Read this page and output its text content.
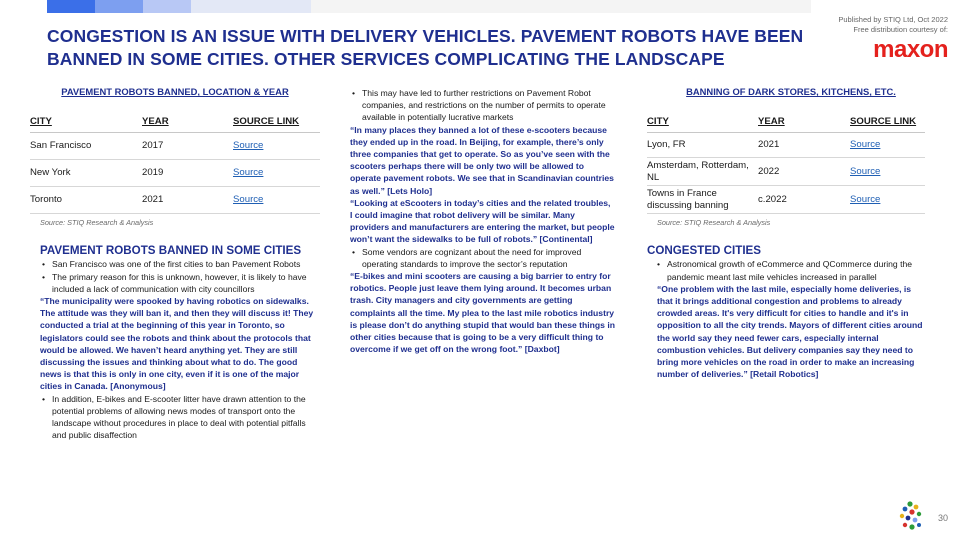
CONGESTION IS AN ISSUE WITH DELIVERY VEHICLES. PAVEMENT ROBOTS HAVE BEEN
BANNED IN SOME CITIES. OTHER SERVICES COMPLICATING THE LANDSCAPE
Published by STIQ Ltd, Oct 2022
Free distribution courtesy of:
maxon
PAVEMENT ROBOTS BANNED, LOCATION & YEAR
CITY	YEAR	SOURCE LINK
San Francisco	2017	Source
New York	2019	Source
Toronto	2021	Source
Source: STIQ Research & Analysis
PAVEMENT ROBOTS BANNED IN SOME CITIES
• San Francisco was one of the first cities to ban Pavement Robots
• The primary reason for this is unknown, however, it is likely to have included a lack of communication with city councillors
“The municipality were spooked by having robotics on sidewalks. The attitude was they will ban it, and then they will discuss it! They conducted a trial at the beginning of this year in Toronto, so legislators could see the robots and think about the protocols that would be allowed. We haven’t heard anything yet. They are still discussing the issues and thinking about what to do. The good news is that this is only in one city, even if it is one of the major cities in Canada. [Anonymous]
• In addition, E-bikes and E-scooter litter have drawn attention to the potential problems of allowing news modes of transport onto the landscape without procedures in place to deal with potential pitfalls and public disaffection
• This may have led to further restrictions on Pavement Robot companies, and restrictions on the number of permits to operate available in potentially lucrative markets
“In many places they banned a lot of these e-scooters because they ended up in the road. In Beijing, for example, there’s only three companies that get to operate. So as you’ve seen with the scooters perhaps there will be only two will be allowed to operate pavement robots. We see that in Scandinavian countries as well.” [Lets Holo]
“Looking at eScooters in today’s cities and the related troubles, I could imagine that robot delivery will be similar. Many providers and manufacturers are entering the market, but people won’t want the sidewalks to be full of robots.” [Continental]
• Some vendors are cognizant about the need for improved operating standards to improve the sector’s reputation
“E-bikes and mini scooters are causing a big barrier to entry for robotics. People just leave them lying around. It becomes urban trash. City managers and city governments are getting complaints all the time. My plea to the last mile robotics industry is please don’t do anything stupid that would ban these things in other cities because that is going to be a very difficult thing to overcome if we get off on the wrong foot.” [Daxbot]
BANNING OF DARK STORES, KITCHENS, ETC.
CITY	YEAR	SOURCE LINK
Lyon, FR	2021	Source
Amsterdam, Rotterdam, NL	2022	Source
Towns in France discussing banning	c.2022	Source
Source: STIQ Research & Analysis
CONGESTED CITIES
• Astronomical growth of eCommerce and QCommerce during the pandemic meant last mile vehicles increased in parallel
“One problem with the last mile, especially home deliveries, is that it brings additional congestion and problems to already crowded areas. It's very difficult for cities to handle and it's in opposition to all the city trends. Mayors of different cities around the world say they need fewer cars, especially internal combustion vehicles. But delivery companies say they need to bring more vehicles on the road in order to make an increasing number of deliveries.” [Retail Robotics]
30
